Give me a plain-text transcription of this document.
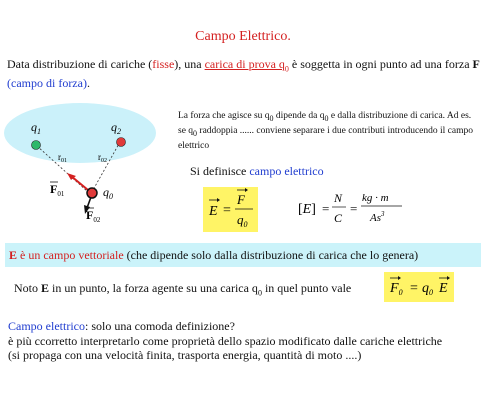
Campo Elettrico.
Data distribuzione di cariche (fisse), una carica di prova $q_0$ è soggetta in ogni punto ad una forza F (campo di forza).
$q_1$	$q_2$
$r_{01}$	$r_{02}$
$F_{01}$
$F_{02}$
$q_0$
La forza che agisce su $q_0$ dipende da $q_0$ e dalla distribuzione di carica. Ad es. se $q_0$ raddoppia ...... conviene separare i due contributi introducendo il campo elettrico
Si definisce campo elettrico
E =
F
$q_0$
[E] =
N
C
=
kg · m
As$^3$
E è un campo vettoriale (che dipende solo dalla distribuzione di carica che lo genera)
Noto E in un punto, la forza agente su una carica $q_0$ in quel punto vale	$F_0 = q_0$ E
Campo elettrico: solo una comoda definizione?
è più ccorretto interpretarlo come proprietà dello spazio modificato dalle cariche elettriche
(si propaga con una velocità finita, trasporta energia, quantità di moto ....)
